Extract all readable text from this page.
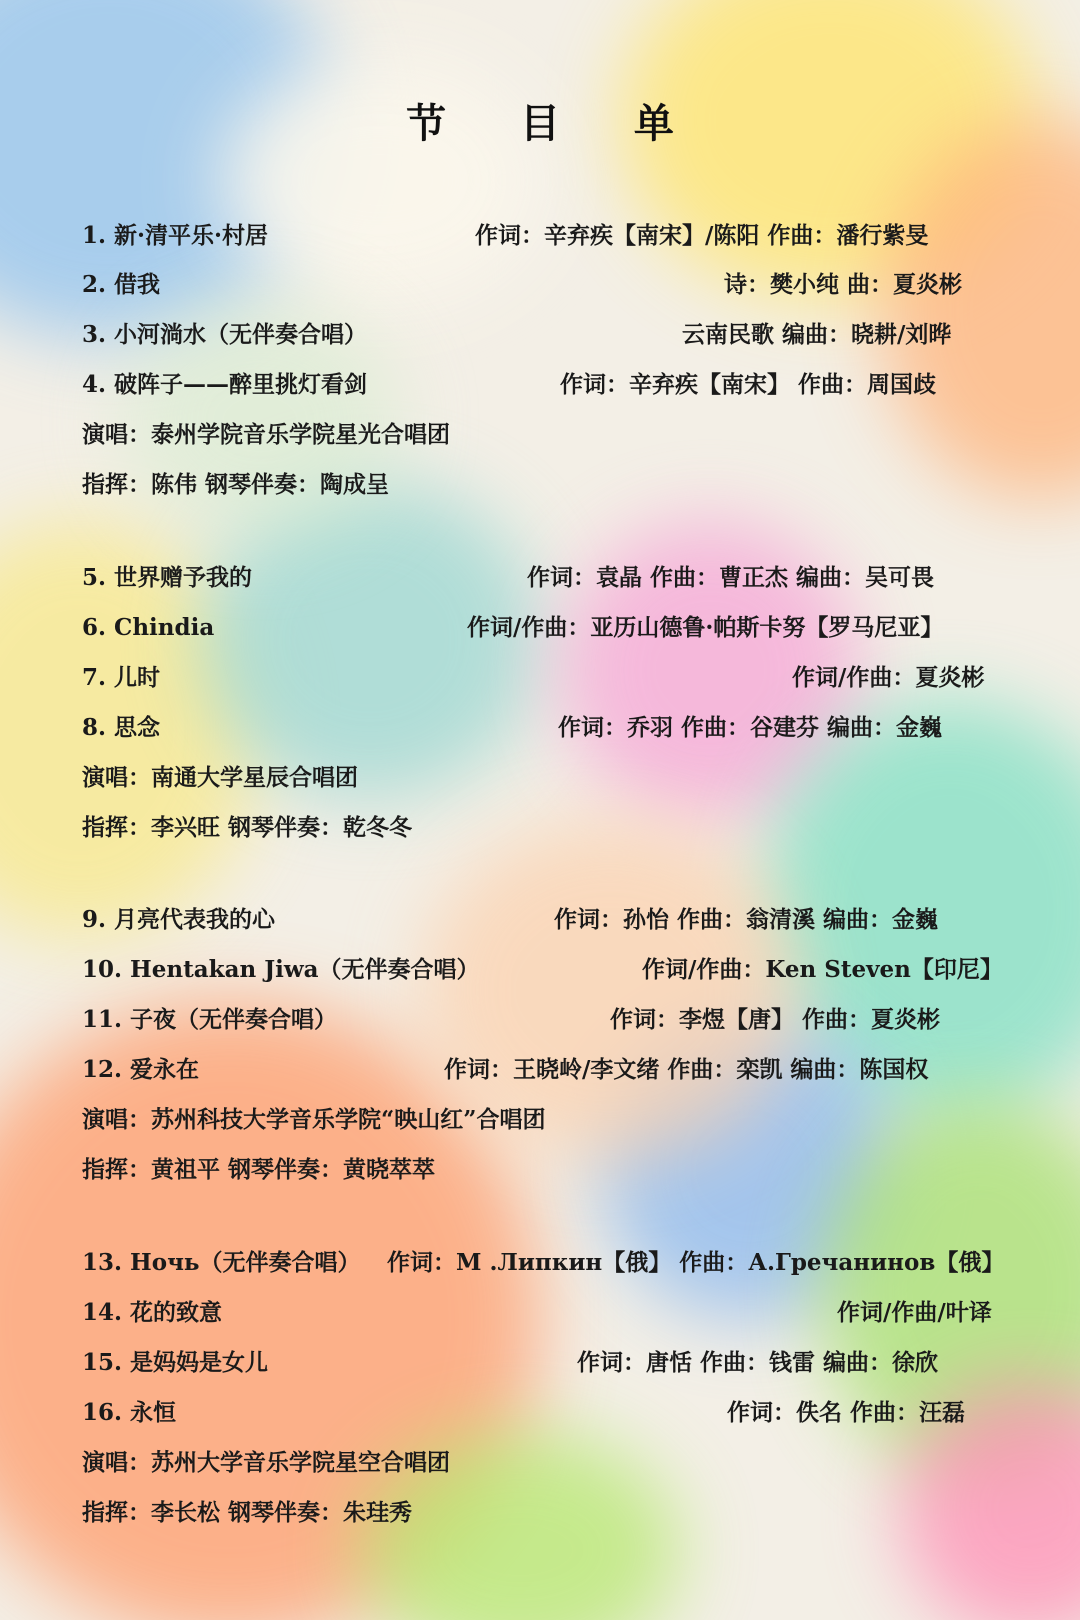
节 目 单
1. 新·清平乐·村居	作词：辛弃疾【南宋】/陈阳 作曲：潘行紫旻
2. 借我	诗：樊小纯 曲：夏炎彬
3. 小河淌水（无伴奏合唱）	云南民歌 编曲：晓耕/刘晔
4. 破阵子——醉里挑灯看剑	作词：辛弃疾【南宋】 作曲：周国歧
演唱：泰州学院音乐学院星光合唱团
指挥：陈伟 钢琴伴奏：陶成呈
5. 世界赠予我的	作词：袁晶 作曲：曹正杰 编曲：吴可畏
6. Chindia	作词/作曲：亚历山德鲁·帕斯卡努【罗马尼亚】
7. 儿时	作词/作曲：夏炎彬
8. 思念	作词：乔羽 作曲：谷建芬 编曲：金巍
演唱：南通大学星辰合唱团
指挥：李兴旺 钢琴伴奏：乾冬冬
9. 月亮代表我的心	作词：孙怡 作曲：翁清溪 编曲：金巍
10. Hentakan Jiwa（无伴奏合唱）	作词/作曲：Ken Steven【印尼】
11. 子夜（无伴奏合唱）	作词：李煜【唐】 作曲：夏炎彬
12. 爱永在	作词：王晓岭/李文绪 作曲：栾凯 编曲：陈国权
演唱：苏州科技大学音乐学院“映山红”合唱团
指挥：黄祖平 钢琴伴奏：黄晓萃萃
13. Ночь（无伴奏合唱） 作词：М .Липкин【俄】 作曲：А.Гречанинов【俄】
14. 花的致意	作词/作曲/叶译
15. 是妈妈是女儿	作词：唐恬 作曲：钱雷 编曲：徐欣
16. 永恒	作词：佚名 作曲：汪磊
演唱：苏州大学音乐学院星空合唱团
指挥：李长松 钢琴伴奏：朱珪秀
